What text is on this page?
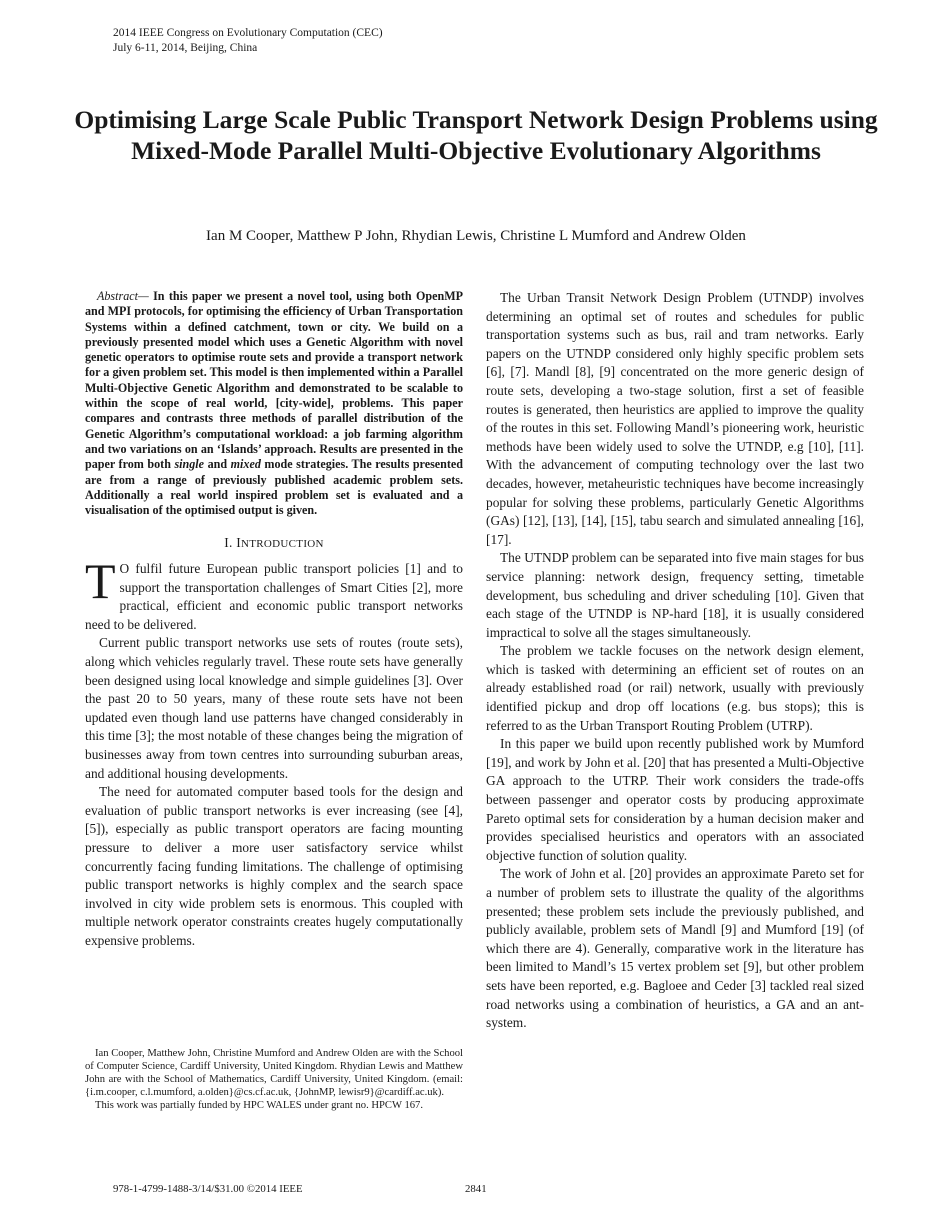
2014 IEEE Congress on Evolutionary Computation (CEC)
July 6-11, 2014, Beijing, China
Optimising Large Scale Public Transport Network Design Problems using Mixed-Mode Parallel Multi-Objective Evolutionary Algorithms
Ian M Cooper, Matthew P John, Rhydian Lewis, Christine L Mumford and Andrew Olden

Abstract— In this paper we present a novel tool, using both OpenMP and MPI protocols, for optimising the efficiency of Urban Transportation Systems within a defined catchment, town or city. We build on a previously presented model which uses a Genetic Algorithm with novel genetic operators to optimise route sets and provide a transport network for a given problem set. This model is then implemented within a Parallel Multi-Objective Genetic Algorithm and demonstrated to be scalable to within the scope of real world, [city-wide], problems. This paper compares and contrasts three methods of parallel distribution of the Genetic Algorithm’s computational workload: a job farming algorithm and two variations on an ‘Islands’ approach. Results are presented in the paper from both single and mixed mode strategies. The results presented are from a range of previously published academic problem sets. Additionally a real world inspired problem set is evaluated and a visualisation of the optimised output is given.

I. INTRODUCTION

T O fulfil future European public transport policies [1] and to support the transportation challenges of Smart Cities [2], more practical, efficient and economic public transport networks need to be delivered.

Current public transport networks use sets of routes (route sets), along which vehicles regularly travel. These route sets have generally been designed using local knowledge and simple guidelines [3]. Over the past 20 to 50 years, many of these route sets have not been updated even though land use patterns have changed considerably in this time [3]; the most notable of these changes being the migration of businesses away from town centres into surrounding suburban areas, and additional housing developments.

The need for automated computer based tools for the design and evaluation of public transport networks is ever increasing (see [4], [5]), especially as public transport operators are facing mounting pressure to deliver a more user satisfactory service whilst concurrently facing funding limitations. The challenge of optimising public transport networks is highly complex and the search space involved in city wide problem sets is enormous. This coupled with multiple network operator constraints creates hugely computationally expensive problems.

Ian Cooper, Matthew John, Christine Mumford and Andrew Olden are with the School of Computer Science, Cardiff University, United Kingdom. Rhydian Lewis and Matthew John are with the School of Mathematics, Cardiff University, United Kingdom. (email: {i.m.cooper, c.l.mumford, a.olden}@cs.cf.ac.uk, {JohnMP, lewisr9}@cardiff.ac.uk).

This work was partially funded by HPC WALES under grant no. HPCW 167.

The Urban Transit Network Design Problem (UTNDP) involves determining an optimal set of routes and schedules for public transportation systems such as bus, rail and tram networks. Early papers on the UTNDP considered only highly specific problem sets [6], [7]. Mandl [8], [9] concentrated on the more generic design of route sets, developing a two-stage solution, first a set of feasible routes is generated, then heuristics are applied to improve the quality of the routes in this set. Following Mandl’s pioneering work, heuristic methods have been widely used to solve the UTNDP, e.g [10], [11]. With the advancement of computing technology over the last two decades, however, metaheuristic techniques have become increasingly popular for solving these problems, particularly Genetic Algorithms (GAs) [12], [13], [14], [15], tabu search and simulated annealing [16], [17].

The UTNDP problem can be separated into five main stages for bus service planning: network design, frequency setting, timetable development, bus scheduling and driver scheduling [10]. Given that each stage of the UTNDP is NP-hard [18], it is usually considered impractical to solve all the stages simultaneously.

The problem we tackle focuses on the network design element, which is tasked with determining an efficient set of routes on an already established road (or rail) network, usually with previously identified pickup and drop off locations (e.g. bus stops); this is referred to as the Urban Transport Routing Problem (UTRP).

In this paper we build upon recently published work by Mumford [19], and work by John et al. [20] that has presented a Multi-Objective GA approach to the UTRP. Their work considers the trade-offs between passenger and operator costs by producing approximate Pareto optimal sets for consideration by a human decision maker and provides specialised heuristics and operators with an associated objective function of solution quality.

The work of John et al. [20] provides an approximate Pareto set for a number of problem sets to illustrate the quality of the algorithms presented; these problem sets include the previously published, and publicly available, problem sets of Mandl [9] and Mumford [19] (of which there are 4). Generally, comparative work in the literature has been limited to Mandl’s 15 vertex problem set [9], but other problem sets have been reported, e.g. Bagloee and Ceder [3] tackled real sized road networks using a combination of heuristics, a GA and an ant-system.

978-1-4799-1488-3/14/$31.00 ©2014 IEEE	2841
